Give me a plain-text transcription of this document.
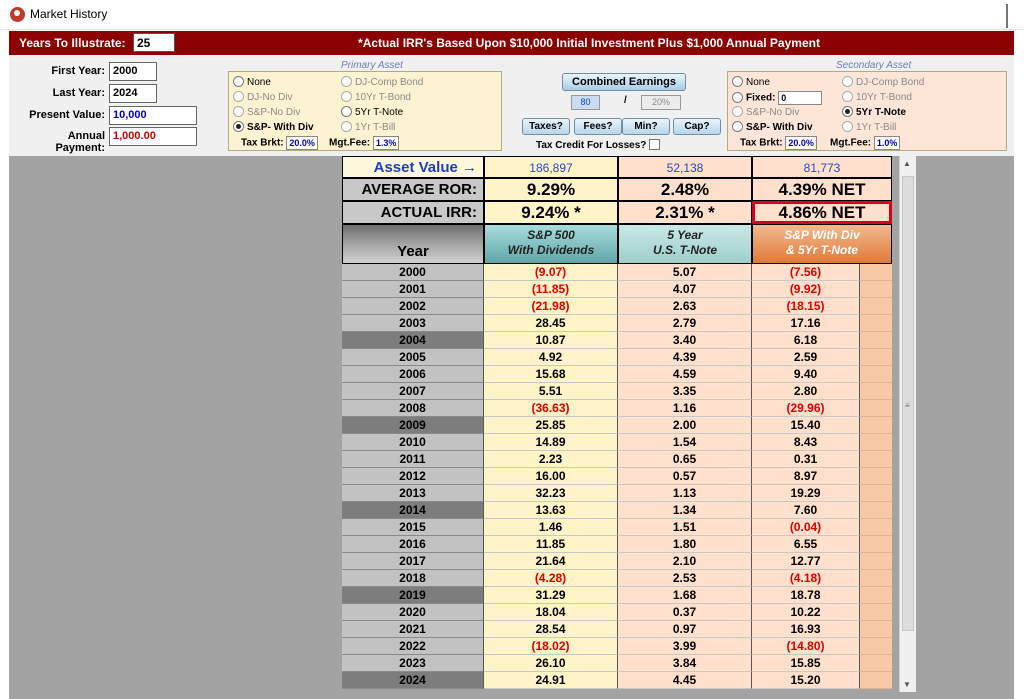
Market History
Years To Illustrate: 25	*Actual IRR's Based Upon $10,000 Initial Investment Plus $1,000 Annual Payment
First Year: 2000
Last Year: 2024
Present Value: 10,000
Annual Payment:
1,000.00
Primary Asset
None	DJ-Comp Bond
DJ-No Div	10Yr T-Bond
S&P-No Div	5Yr T-Note
S&P- With Div	1Yr T-Bill
Tax Brkt: 20.0%	Mgt.Fee: 1.3%
Combined Earnings
80	/	20%
Taxes?	Fees?	Min?	Cap?
Tax Credit For Losses?
Secondary Asset
None	DJ-Comp Bond
Fixed: 0	10Yr T-Bond
S&P-No Div	5Yr T-Note
S&P- With Div	1Yr T-Bill
Tax Brkt: 20.0%	Mgt.Fee: 1.0%
Asset Value →	186,897	52,138	81,773
AVERAGE ROR:	9.29%	2.48%	4.39% NET
ACTUAL IRR:	9.24% *	2.31% *	4.86% NET
Year
S&P 500
With Dividends
5 Year
U.S. T-Note
S&P With Div
& 5Yr T-Note
2000	(9.07)	5.07	(7.56)
2001	(11.85)	4.07	(9.92)
2002	(21.98)	2.63	(18.15)
2003	28.45	2.79	17.16
2004	10.87	3.40	6.18
2005	4.92	4.39	2.59
2006	15.68	4.59	9.40
2007	5.51	3.35	2.80
2008	(36.63)	1.16	(29.96)
2009	25.85	2.00	15.40
2010	14.89	1.54	8.43
2011	2.23	0.65	0.31
2012	16.00	0.57	8.97
2013	32.23	1.13	19.29
2014	13.63	1.34	7.60
2015	1.46	1.51	(0.04)
2016	11.85	1.80	6.55
2017	21.64	2.10	12.77
2018	(4.28)	2.53	(4.18)
2019	31.29	1.68	18.78
2020	18.04	0.37	10.22
2021	28.54	0.97	16.93
2022	(18.02)	3.99	(14.80)
2023	26.10	3.84	15.85
2024	24.91	4.45	15.20
▲
≡
▼
